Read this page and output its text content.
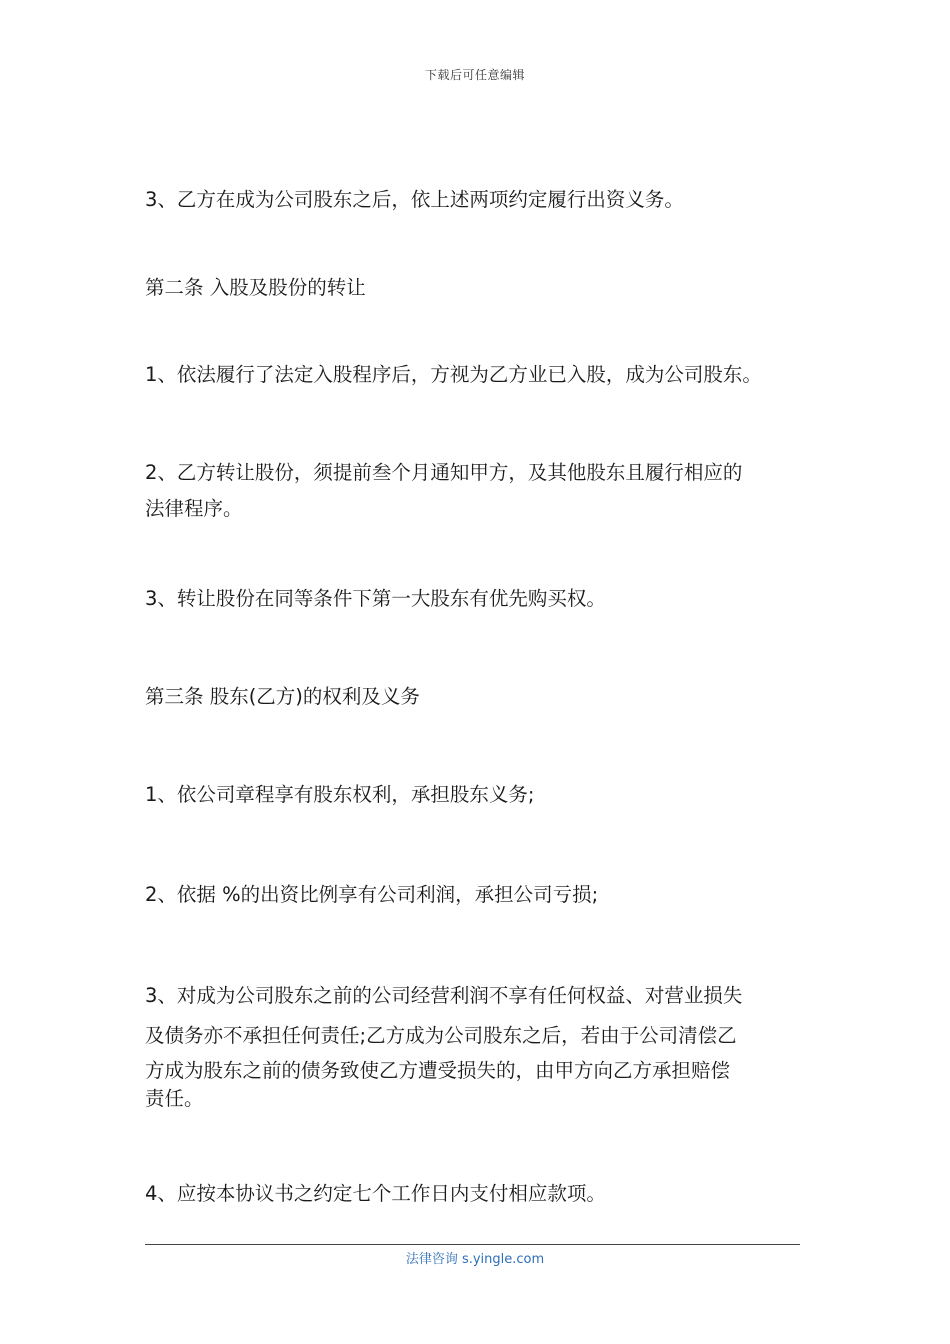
下载后可任意编辑
3、乙方在成为公司股东之后，依上述两项约定履行出资义务。
第二条 入股及股份的转让
1、依法履行了法定入股程序后，方视为乙方业已入股，成为公司股东。
2、乙方转让股份，须提前叁个月通知甲方，及其他股东且履行相应的
法律程序。
3、转让股份在同等条件下第一大股东有优先购买权。
第三条 股东(乙方)的权利及义务
1、依公司章程享有股东权利，承担股东义务;
2、依据 %的出资比例享有公司利润，承担公司亏损;
3、对成为公司股东之前的公司经营利润不享有任何权益、对营业损失
及债务亦不承担任何责任;乙方成为公司股东之后，若由于公司清偿乙
方成为股东之前的债务致使乙方遭受损失的，由甲方向乙方承担赔偿
责任。
4、应按本协议书之约定七个工作日内支付相应款项。
法律咨询 s.yingle.com
